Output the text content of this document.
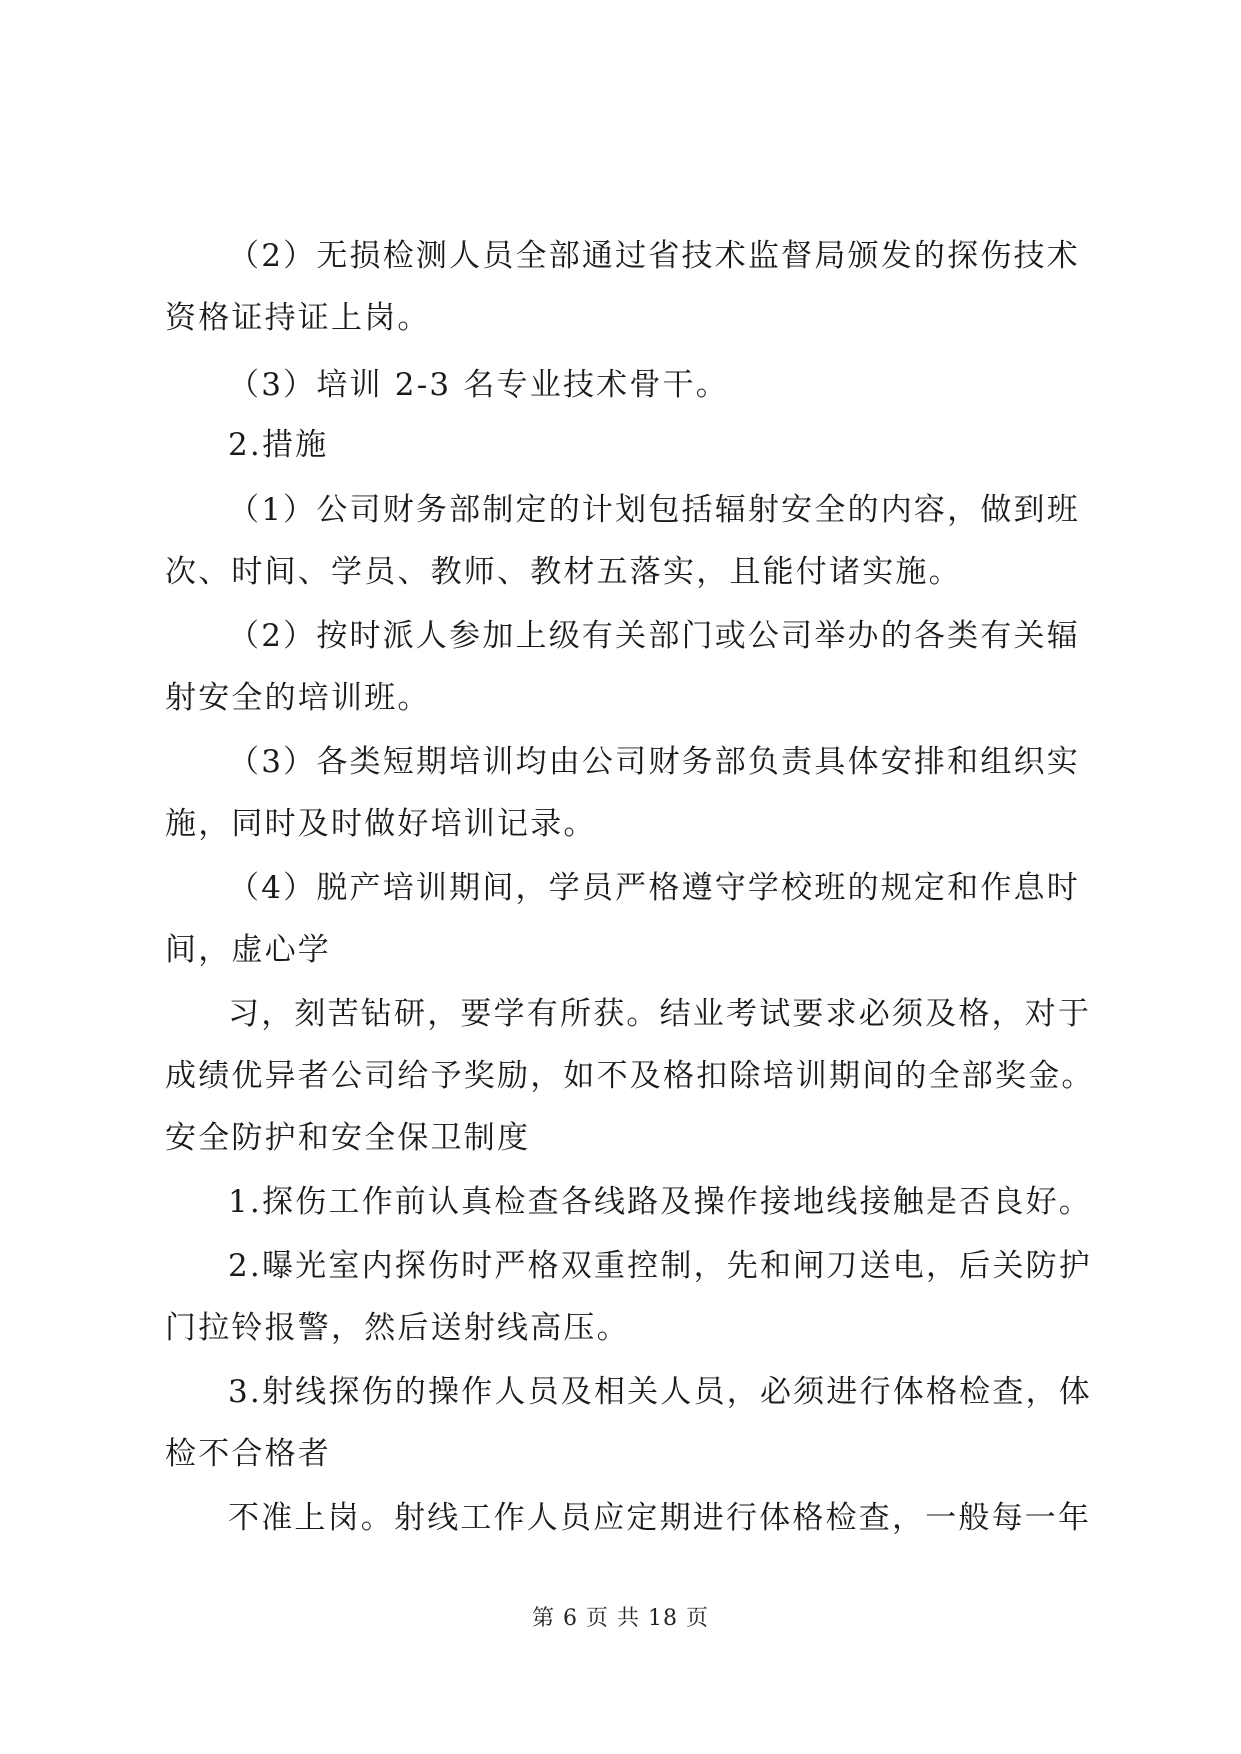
（2）无损检测人员全部通过省技术监督局颁发的探伤技术
资格证持证上岗。
（3）培训 2-3 名专业技术骨干。
2.措施
（1）公司财务部制定的计划包括辐射安全的内容，做到班
次、时间、学员、教师、教材五落实，且能付诸实施。
（2）按时派人参加上级有关部门或公司举办的各类有关辐
射安全的培训班。
（3）各类短期培训均由公司财务部负责具体安排和组织实
施，同时及时做好培训记录。
（4）脱产培训期间，学员严格遵守学校班的规定和作息时
间，虚心学
习，刻苦钻研，要学有所获。结业考试要求必须及格，对于
成绩优异者公司给予奖励，如不及格扣除培训期间的全部奖金。
安全防护和安全保卫制度
1.探伤工作前认真检查各线路及操作接地线接触是否良好。
2.曝光室内探伤时严格双重控制，先和闸刀送电，后关防护
门拉铃报警，然后送射线高压。
3.射线探伤的操作人员及相关人员，必须进行体格检查，体
检不合格者
不准上岗。射线工作人员应定期进行体格检查，一般每一年
第 6 页 共 18 页
